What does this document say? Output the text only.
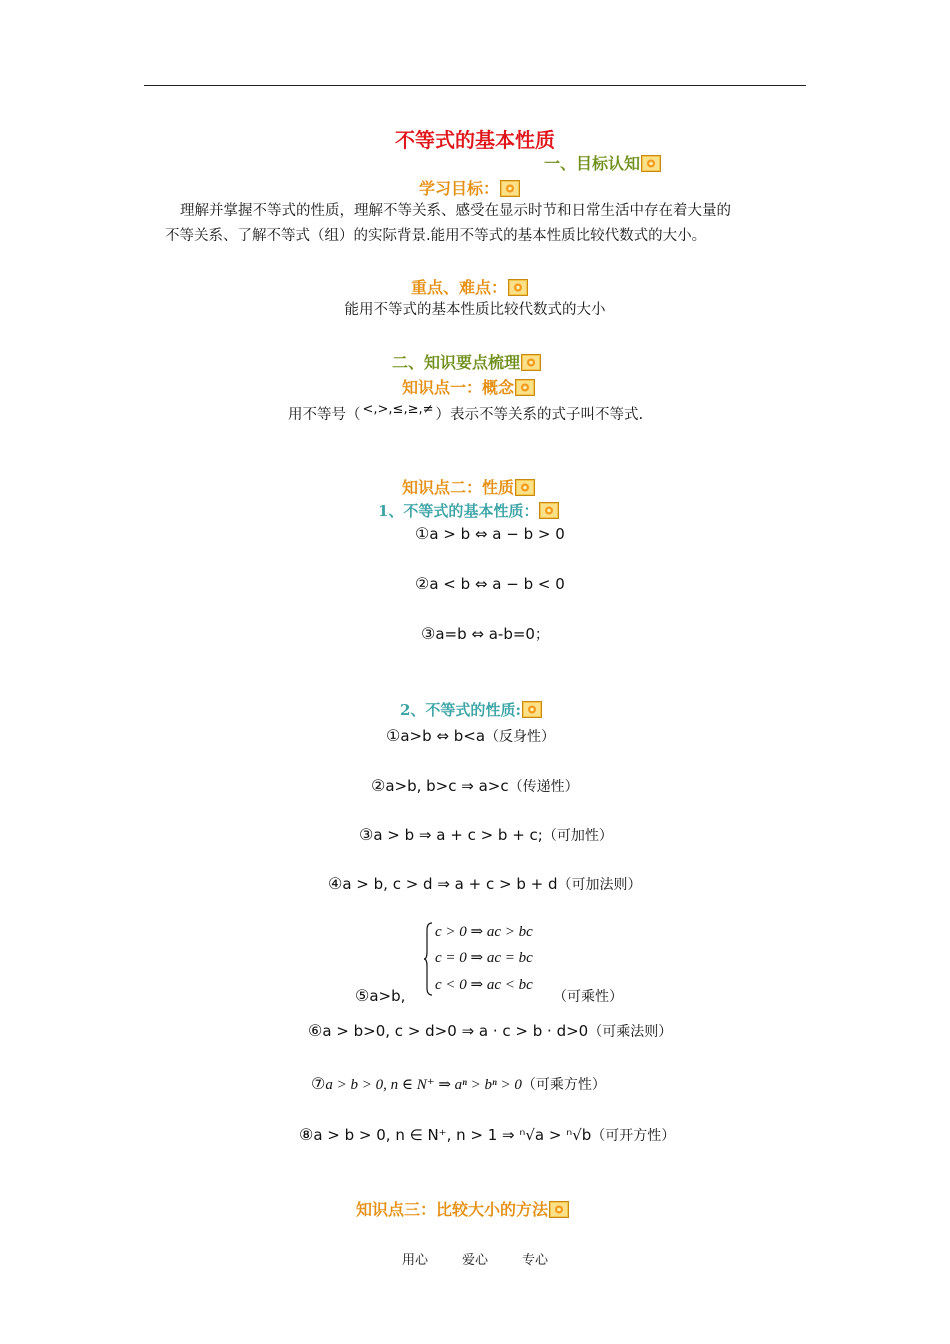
不等式的基本性质
一、目标认知
学习目标：
理解并掌握不等式的性质，理解不等关系、感受在显示时节和日常生活中存在着大量的
不等关系、了解不等式（组）的实际背景.能用不等式的基本性质比较代数式的大小。
重点、难点：
能用不等式的基本性质比较代数式的大小
二、知识要点梳理
知识点一：概念
用不等号（ <,>,≤,≥,≠ ）表示不等关系的式子叫不等式.
知识点二：性质
1、不等式的基本性质：
①a > b ⇔ a − b > 0
②a < b ⇔ a − b < 0
③a=b ⇔ a-b=0；
2、不等式的性质:
①a>b ⇔ b<a（反身性）
②a>b, b>c ⇒ a>c（传递性）
③a > b ⇒ a + c > b + c;（可加性）
④a > b, c > d ⇒ a + c > b + d（可加法则）
c > 0 ⇒ ac > bc
c = 0 ⇒ ac = bc
c < 0 ⇒ ac < bc
⑤a>b,	（可乘性）
⑥a > b>0, c > d>0 ⇒ a · c > b · d>0（可乘法则）
⑦a > b > 0, n ∈ N⁺ ⇒ aⁿ > bⁿ > 0（可乘方性）
⑧a > b > 0, n ∈ N⁺, n > 1 ⇒ ⁿ√a > ⁿ√b（可开方性）
知识点三：比较大小的方法
用心	爱心	专心
